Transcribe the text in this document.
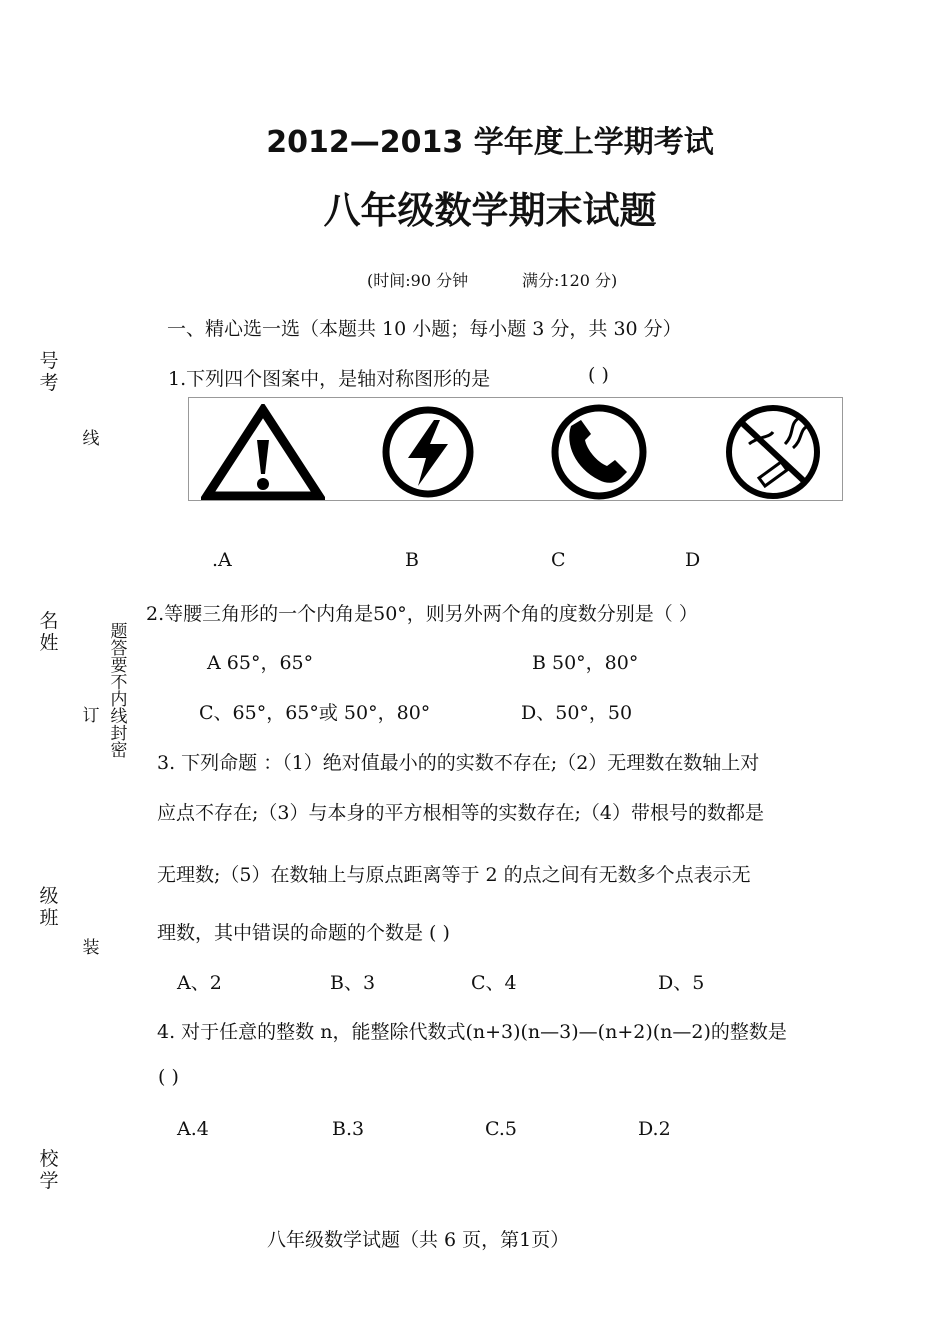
号考
名姓
级班
校学
线
订
装
题答要不内线封密
2012—2013 学年度上学期考试
八年级数学期末试题
(时间:90 分钟	满分:120 分)
一、精心选一选（本题共 10 小题；每小题 3 分，共 30 分）
1.下列四个图案中，是轴对称图形的是	( )
.A	B	C	D
2.等腰三角形的一个内角是50°，则另外两个角的度数分别是（ ）
A 65°，65°	B 50°，80°
C、65°，65°或 50°，80°	D、50°，50
3. 下列命题 ：（1）绝对值最小的的实数不存在;（2）无理数在数轴上对
应点不存在;（3）与本身的平方根相等的实数存在;（4）带根号的数都是
无理数;（5）在数轴上与原点距离等于 2 的点之间有无数多个点表示无
理数，其中错误的命题的个数是 ( )
A、2	B、3	C、4	D、5
4. 对于任意的整数 n，能整除代数式(n+3)(n—3)—(n+2)(n—2)的整数是
( )
A.4	B.3	C.5	D.2
八年级数学试题（共 6 页，第1页）
